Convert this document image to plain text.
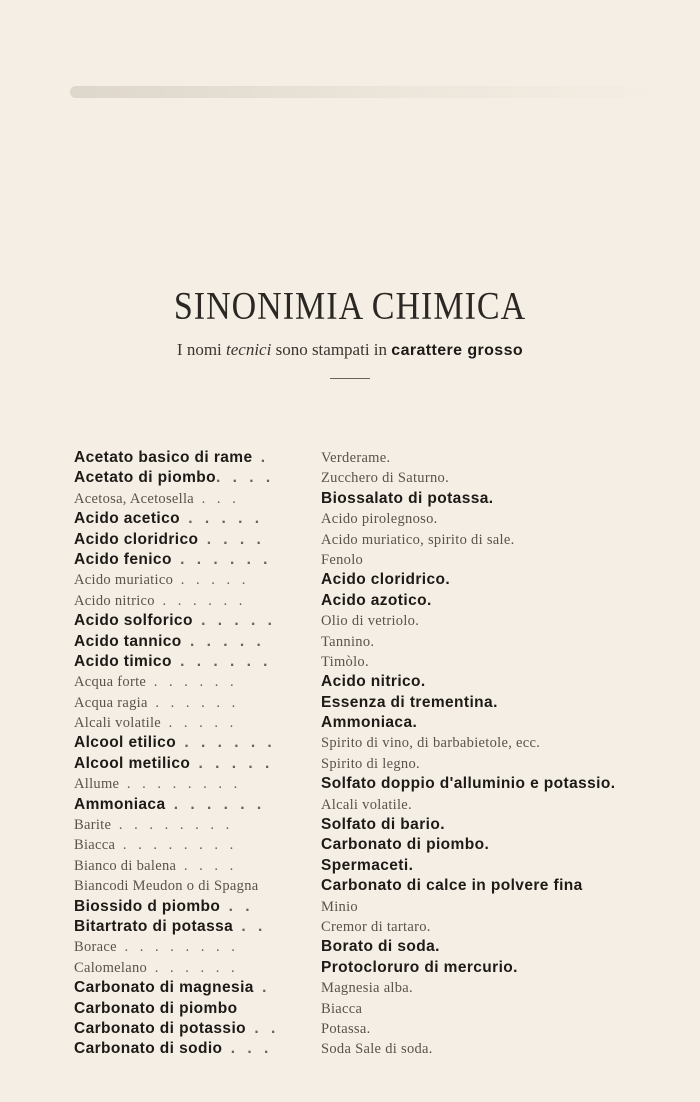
SINONIMIA CHIMICA
I nomi tecnici sono stampati in carattere grosso
Acetato basico di rame .	Verderame.
Acetato di piombo. . . .	Zucchero di Saturno.
Acetosa, Acetosella . . .	Biossalato di potassa.
Acido acetico . . . . .	Acido pirolegnoso.
Acido cloridrico . . . .	Acido muriatico, spirito di sale.
Acido fenico . . . . . .	Fenolo
Acido muriatico . . . . .	Acido cloridrico.
Acido nitrico . . . . . .	Acido azotico.
Acido solforico . . . . .	Olio di vetriolo.
Acido tannico . . . . .	Tannino.
Acido timico . . . . . .	Timòlo.
Acqua forte . . . . . .	Acido nitrico.
Acqua ragia . . . . . .	Essenza di trementina.
Alcali volatile . . . . .	Ammoniaca.
Alcool etilico . . . . . .	Spirito di vino, di barbabietole, ecc.
Alcool metilico . . . . .	Spirito di legno.
Allume . . . . . . . .	Solfato doppio d'alluminio e potassio.
Ammoniaca . . . . . .	Alcali volatile.
Barite . . . . . . . .	Solfato di bario.
Biacca . . . . . . . .	Carbonato di piombo.
Bianco di balena . . . .	Spermaceti.
Biancodi Meudon o di Spagna	Carbonato di calce in polvere fina
Biossido d piombo . .	Minio
Bitartrato di potassa . .	Cremor di tartaro.
Borace . . . . . . . .	Borato di soda.
Calomelano . . . . . .	Protocloruro di mercurio.
Carbonato di magnesia .	Magnesia alba.
Carbonato di piombo	Biacca
Carbonato di potassio . .	Potassa.
Carbonato di sodio . . .	Soda Sale di soda.
